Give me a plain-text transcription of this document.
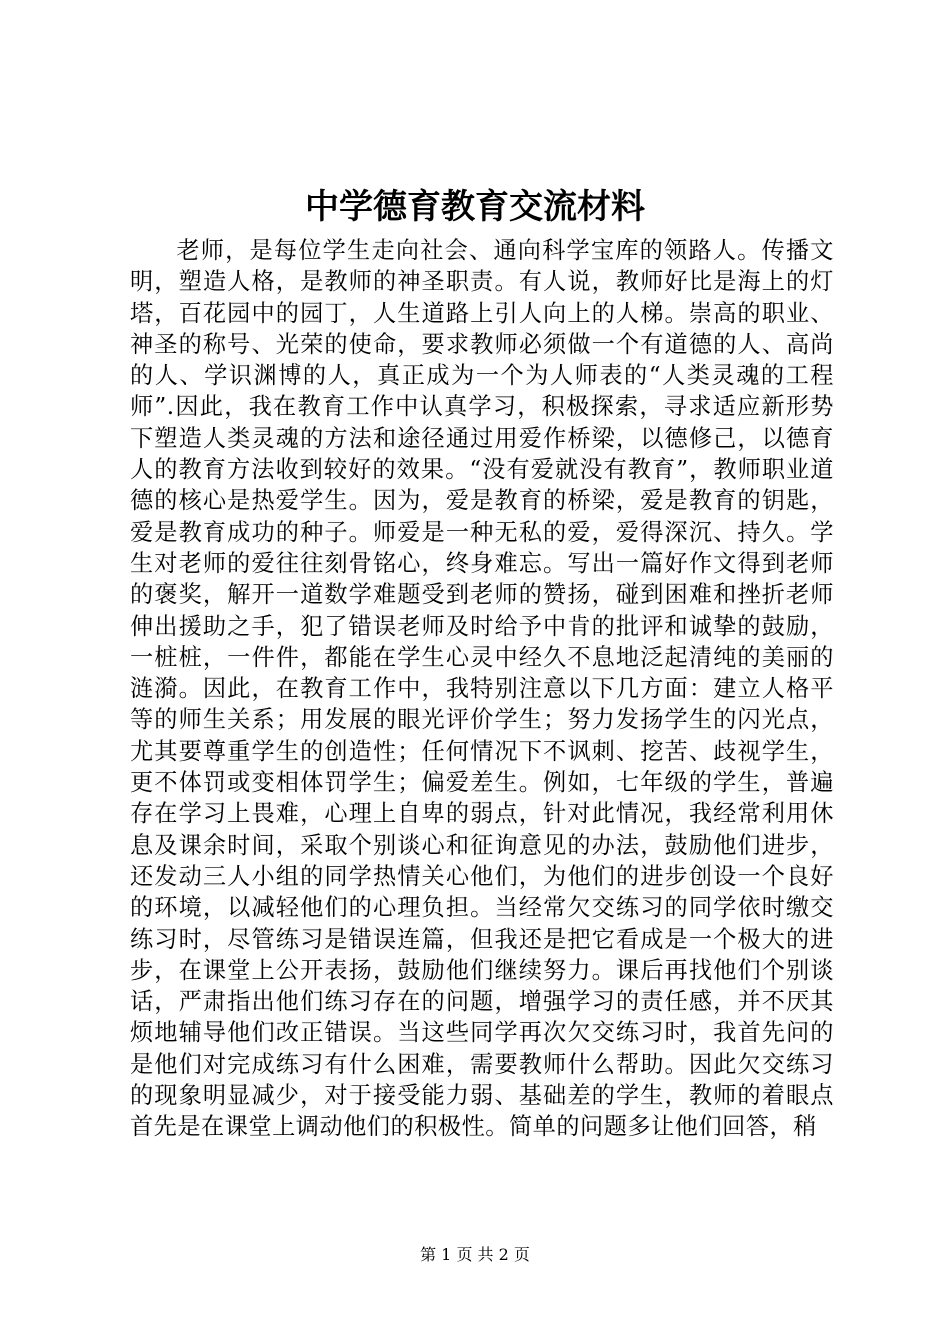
中学德育教育交流材料

老师，是每位学生走向社会、通向科学宝库的领路人。传播文明，塑造人格，是教师的神圣职责。有人说，教师好比是海上的灯塔，百花园中的园丁，人生道路上引人向上的人梯。崇高的职业、神圣的称号、光荣的使命，要求教师必须做一个有道德的人、高尚的人、学识渊博的人，真正成为一个为人师表的“人类灵魂的工程师”.因此，我在教育工作中认真学习，积极探索，寻求适应新形势下塑造人类灵魂的方法和途径通过用爱作桥梁，以德修己，以德育人的教育方法收到较好的效果。“没有爱就没有教育”，教师职业道德的核心是热爱学生。因为，爱是教育的桥梁，爱是教育的钥匙，爱是教育成功的种子。师爱是一种无私的爱，爱得深沉、持久。学生对老师的爱往往刻骨铭心，终身难忘。写出一篇好作文得到老师的褒奖，解开一道数学难题受到老师的赞扬，碰到困难和挫折老师伸出援助之手，犯了错误老师及时给予中肯的批评和诚挚的鼓励，一桩桩，一件件，都能在学生心灵中经久不息地泛起清纯的美丽的涟漪。因此，在教育工作中，我特别注意以下几方面：建立人格平等的师生关系；用发展的眼光评价学生；努力发扬学生的闪光点，尤其要尊重学生的创造性；任何情况下不讽刺、挖苦、歧视学生，更不体罚或变相体罚学生；偏爱差生。例如，七年级的学生，普遍存在学习上畏难，心理上自卑的弱点，针对此情况，我经常利用休息及课余时间，采取个别谈心和征询意见的办法，鼓励他们进步，还发动三人小组的同学热情关心他们，为他们的进步创设一个良好的环境，以减轻他们的心理负担。当经常欠交练习的同学依时缴交练习时，尽管练习是错误连篇，但我还是把它看成是一个极大的进步，在课堂上公开表扬，鼓励他们继续努力。课后再找他们个别谈话，严肃指出他们练习存在的问题，增强学习的责任感，并不厌其烦地辅导他们改正错误。当这些同学再次欠交练习时，我首先问的是他们对完成练习有什么困难，需要教师什么帮助。因此欠交练习的现象明显减少，对于接受能力弱、基础差的学生，教师的着眼点首先是在课堂上调动他们的积极性。简单的问题多让他们回答，稍

第 1 页 共 2 页
